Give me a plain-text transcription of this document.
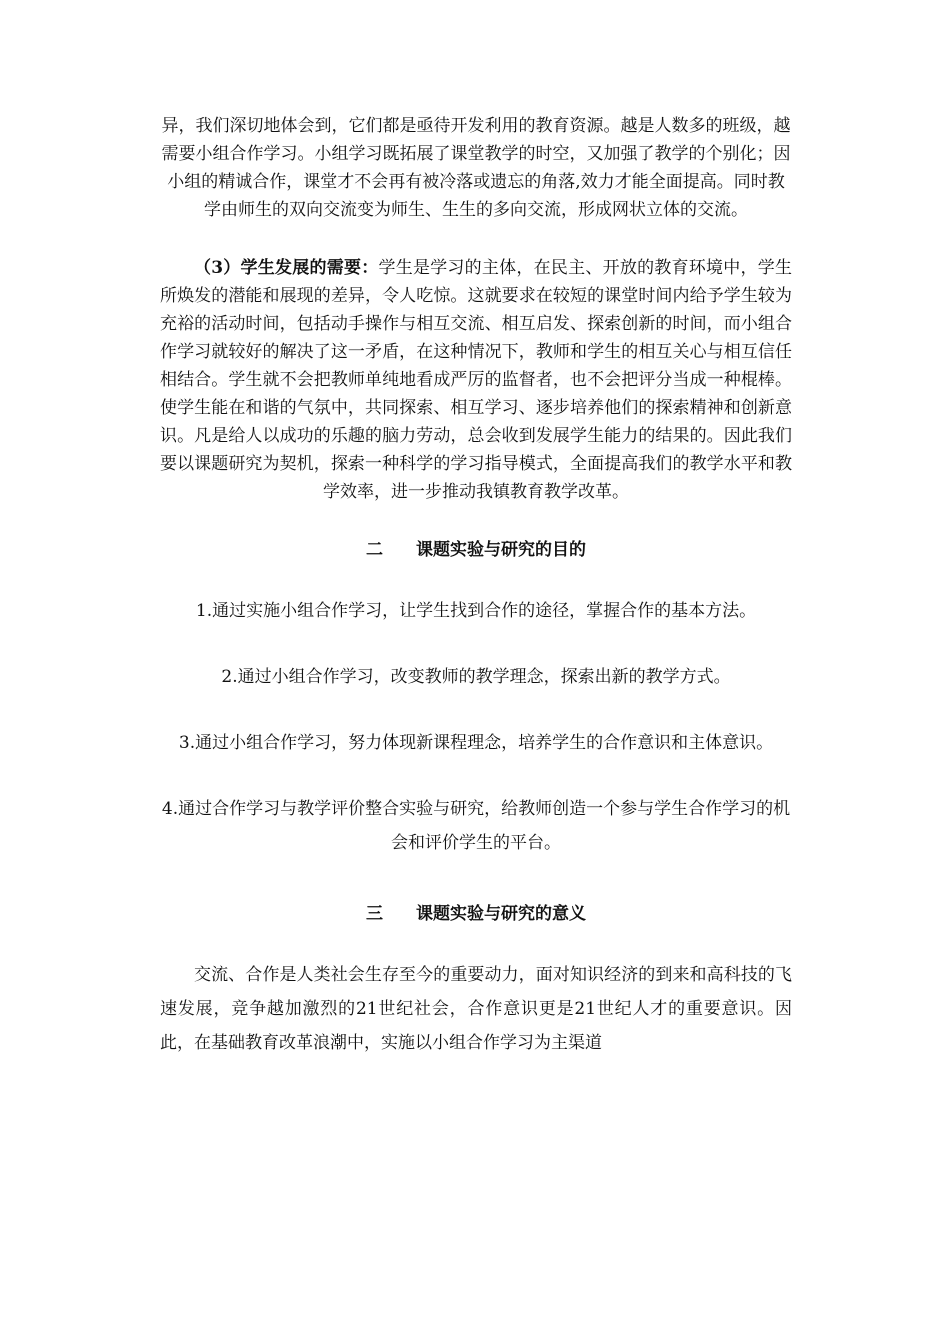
异，我们深切地体会到，它们都是亟待开发利用的教育资源。越是人数多的班级，越需要小组合作学习。小组学习既拓展了课堂教学的时空，又加强了教学的个别化；因小组的精诚合作，课堂才不会再有被冷落或遗忘的角落,效力才能全面提高。同时教学由师生的双向交流变为师生、生生的多向交流，形成网状立体的交流。

（3）学生发展的需要：学生是学习的主体，在民主、开放的教育环境中，学生所焕发的潜能和展现的差异，令人吃惊。这就要求在较短的课堂时间内给予学生较为充裕的活动时间，包括动手操作与相互交流、相互启发、探索创新的时间，而小组合作学习就较好的解决了这一矛盾，在这种情况下，教师和学生的相互关心与相互信任相结合。学生就不会把教师单纯地看成严厉的监督者，也不会把评分当成一种棍棒。使学生能在和谐的气氛中，共同探索、相互学习、逐步培养他们的探索精神和创新意识。凡是给人以成功的乐趣的脑力劳动，总会收到发展学生能力的结果的。因此我们要以课题研究为契机，探索一种科学的学习指导模式，全面提高我们的教学水平和教学效率，进一步推动我镇教育教学改革。

二 课题实验与研究的目的

1.通过实施小组合作学习，让学生找到合作的途径，掌握合作的基本方法。

2.通过小组合作学习，改变教师的教学理念，探索出新的教学方式。

3.通过小组合作学习，努力体现新课程理念，培养学生的合作意识和主体意识。

4.通过合作学习与教学评价整合实验与研究，给教师创造一个参与学生合作学习的机会和评价学生的平台。

三 课题实验与研究的意义

交流、合作是人类社会生存至今的重要动力，面对知识经济的到来和高科技的飞速发展，竞争越加激烈的21世纪社会，合作意识更是21世纪人才的重要意识。因此，在基础教育改革浪潮中，实施以小组合作学习为主渠道
